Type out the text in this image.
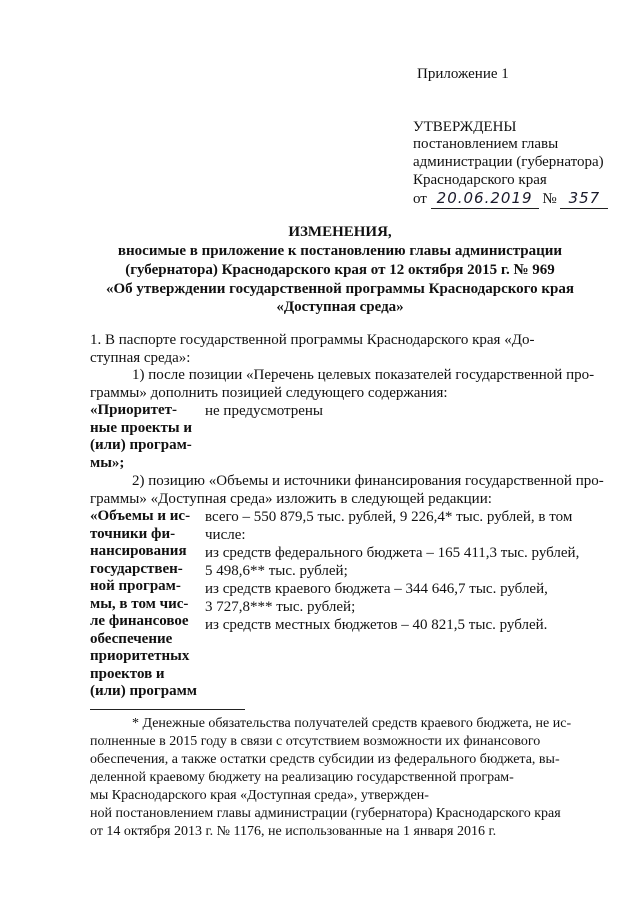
Приложение 1
УТВЕРЖДЕНЫ
постановлением главы
администрации (губернатора)
Краснодарского края
от 20.06.2019 № 357
ИЗМЕНЕНИЯ,
вносимые в приложение к постановлению главы администрации
(губернатора) Краснодарского края от 12 октября 2015 г. № 969
«Об утверждении государственной программы Краснодарского края
«Доступная среда»
1. В паспорте государственной программы Краснодарского края «До-
ступная среда»:
1) после позиции «Перечень целевых показателей государственной про-
граммы» дополнить позицией следующего содержания:
«Приоритет-
ные проекты и
(или) програм-
мы»;
не предусмотрены
2) позицию «Объемы и источники финансирования государственной про-
граммы» «Доступная среда» изложить в следующей редакции:
«Объемы и ис-
точники фи-
нансирования
государствен-
ной програм-
мы, в том чис-
ле финансовое
обеспечение
приоритетных
проектов и
(или) программ
всего – 550 879,5 тыс. рублей, 9 226,4* тыс. рублей, в том
числе:
из средств федерального бюджета – 165 411,3 тыс. рублей,
5 498,6** тыс. рублей;
из средств краевого бюджета – 344 646,7 тыс. рублей,
3 727,8*** тыс. рублей;
из средств местных бюджетов – 40 821,5 тыс. рублей.
* Денежные обязательства получателей средств краевого бюджета, не ис-
полненные в 2015 году в связи с отсутствием возможности их финансового
обеспечения, а также остатки средств субсидии из федерального бюджета, вы-
деленной краевому бюджету на реализацию государственной програм-
мы Краснодарского края «Доступная среда», утвержден-
ной постановлением главы администрации (губернатора) Краснодарского края
от 14 октября 2013 г. № 1176, не использованные на 1 января 2016 г.
